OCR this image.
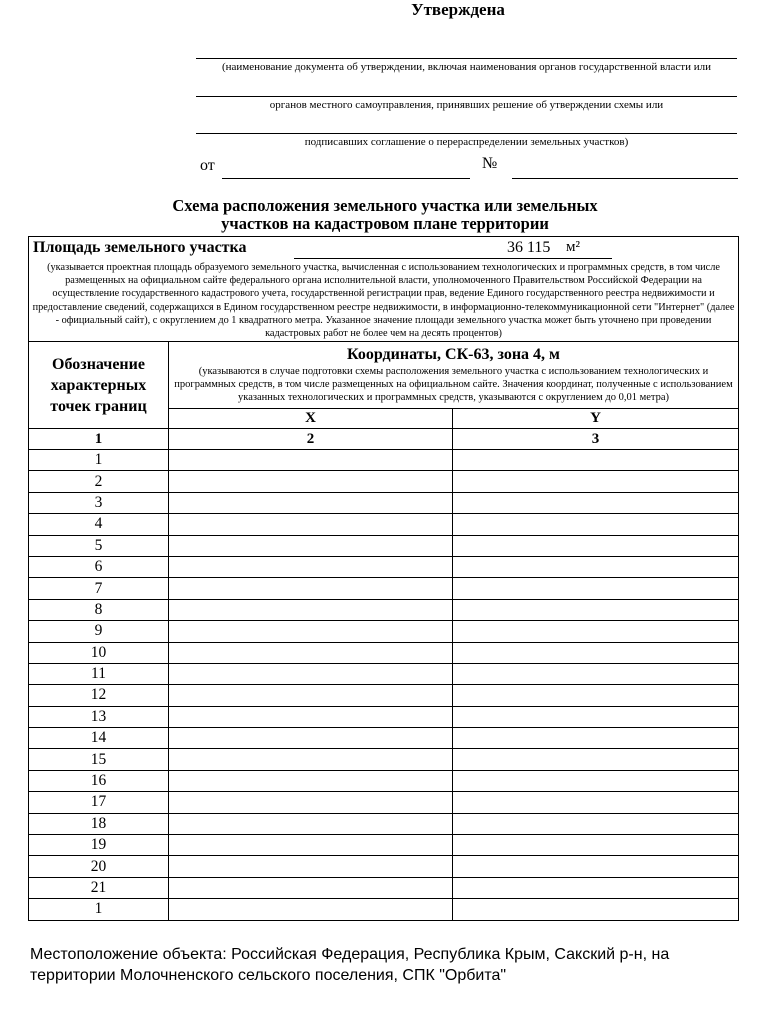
Утверждена
(наименование документа об утверждении, включая наименования органов государственной власти или
органов местного самоуправления, принявших решение об утверждении схемы или
подписавших соглашение о перераспределении земельных участков)
от	№
Схема расположения земельного участка или земельных
участков на кадастровом плане территории
Площадь земельного участка 36 115 м²
(указывается проектная площадь образуемого земельного участка, вычисленная с использованием технологических и программных средств, в том числе размещенных на официальном сайте федерального органа исполнительной власти, уполномоченного Правительством Российской Федерации на осуществление государственного кадастрового учета, государственной регистрации прав, ведение Единого государственного реестра недвижимости и предоставление сведений, содержащихся в Едином государственном реестре недвижимости, в информационно-телекоммуникационной сети "Интернет" (далее - официальный сайт), с округлением до 1 квадратного метра. Указанное значение площади земельного участка может быть уточнено при проведении кадастровых работ не более чем на десять процентов)		

Обозначение характерных точек границ	Координаты, СК-63, зона 4, м
(указываются в случае подготовки схемы расположения земельного участка с использованием технологических и программных средств, в том числе размещенных на официальном сайте. Значения координат, полученные с использованием указанных технологических и программных средств, указываются с округлением до 0,01 метра)	

	X	Y
1	2	3
1		
2		
3		
4		
5		
6		
7		
8		
9		
10		
11		
12		
13		
14		
15		
16		
17		
18		
19		
20		
21		
1		
Местоположение объекта: Российская Федерация, Республика Крым, Сакский р-н, на территории Молочненского сельского поселения, СПК "Орбита"
